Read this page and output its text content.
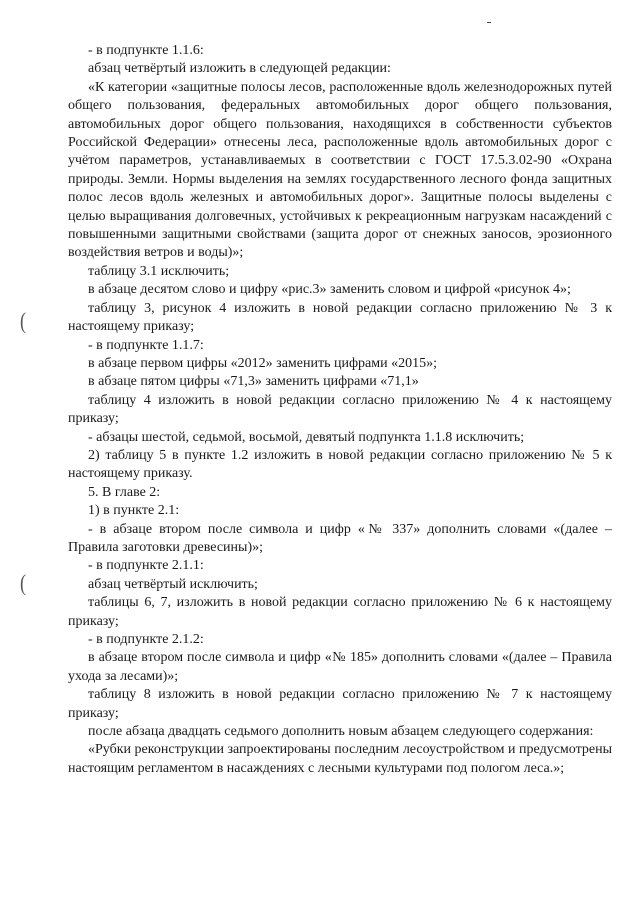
(
(

- в подпункте 1.1.6:

абзац четвёртый изложить в следующей редакции:

«К категории «защитные полосы лесов, расположенные вдоль железнодорожных путей общего пользования, федеральных автомобильных дорог общего пользования, автомобильных дорог общего пользования, находящихся в собственности субъектов Российской Федерации» отнесены леса, расположенные вдоль автомобильных дорог с учётом параметров, устанавливаемых в соответствии с ГОСТ 17.5.3.02-90 «Охрана природы. Земли. Нормы выделения на землях государственного лесного фонда защитных полос лесов вдоль железных и автомобильных дорог». Защитные полосы выделены с целью выращивания долговечных, устойчивых к рекреационным нагрузкам насаждений с повышенными защитными свойствами (защита дорог от снежных заносов, эрозионного воздействия ветров и воды)»;

таблицу 3.1 исключить;

в абзаце десятом слово и цифру «рис.3» заменить словом и цифрой «рисунок 4»;

таблицу 3, рисунок 4 изложить в новой редакции согласно приложению № 3 к настоящему приказу;

- в подпункте 1.1.7:

в абзаце первом цифры «2012» заменить цифрами «2015»;

в абзаце пятом цифры «71,3» заменить цифрами «71,1»

таблицу 4 изложить в новой редакции согласно приложению № 4 к настоящему приказу;

- абзацы шестой, седьмой, восьмой, девятый подпункта 1.1.8 исключить;

2) таблицу 5 в пункте 1.2 изложить в новой редакции согласно приложению № 5 к настоящему приказу.

5. В главе 2:

1) в пункте 2.1:

- в абзаце втором после символа и цифр «№ 337» дополнить словами «(далее – Правила заготовки древесины)»;

- в подпункте 2.1.1:

абзац четвёртый исключить;

таблицы 6, 7, изложить в новой редакции согласно приложению № 6 к настоящему приказу;

- в подпункте 2.1.2:

в абзаце втором после символа и цифр «№ 185» дополнить словами «(далее – Правила ухода за лесами)»;

таблицу 8 изложить в новой редакции согласно приложению № 7 к настоящему приказу;

после абзаца двадцать седьмого дополнить новым абзацем следующего содержания:

«Рубки реконструкции запроектированы последним лесоустройством и предусмотрены настоящим регламентом в насаждениях с лесными культурами под пологом леса.»;
